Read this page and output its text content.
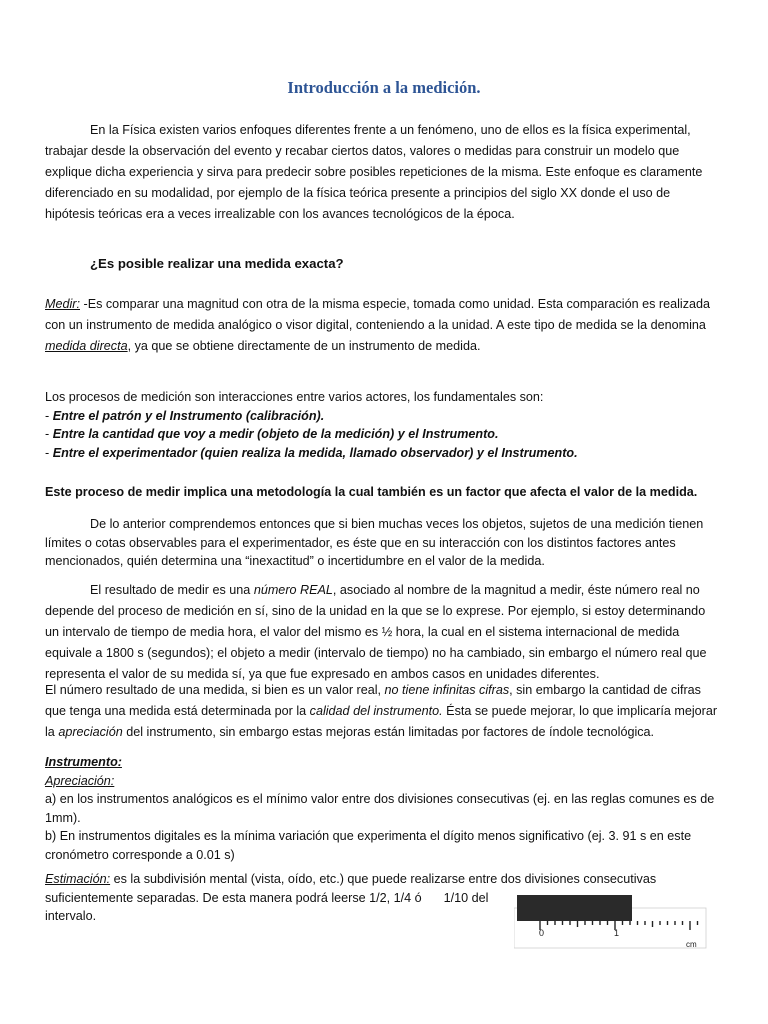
Introducción a la medición.
En la Física existen varios enfoques diferentes frente a un fenómeno, uno de ellos es la física experimental, trabajar desde la observación del evento y recabar ciertos datos, valores o medidas para construir un modelo que explique dicha experiencia y sirva para predecir sobre posibles repeticiones de la misma. Este enfoque es claramente diferenciado en su modalidad, por ejemplo de la física teórica presente a principios del siglo XX donde el uso de hipótesis teóricas era a veces irrealizable con los avances tecnológicos de la época.
¿Es posible realizar una medida exacta?
Medir: -Es comparar una magnitud con otra de la misma especie, tomada como unidad. Esta comparación es realizada con un instrumento de medida analógico o visor digital, conteniendo a la unidad. A este tipo de medida se la denomina medida directa, ya que se obtiene directamente de un instrumento de medida.
Los procesos de medición son interacciones entre varios actores, los fundamentales son:
- Entre el patrón y el Instrumento (calibración).
- Entre la cantidad que voy a medir (objeto de la medición) y el Instrumento.
- Entre el experimentador (quien realiza la medida, llamado observador) y el Instrumento.
Este proceso de medir implica una metodología la cual también es un factor que afecta el valor de la medida.
De lo anterior comprendemos entonces que si bien muchas veces los objetos, sujetos de una medición tienen límites o cotas observables para el experimentador, es éste que en su interacción con los distintos factores antes mencionados, quién determina una “inexactitud” o incertidumbre en el valor de la medida.
El resultado de medir es una número REAL, asociado al nombre de la magnitud a medir, éste número real no depende del proceso de medición en sí, sino de la unidad en la que se lo exprese. Por ejemplo, si estoy determinando un intervalo de tiempo de media hora, el valor del mismo es ½ hora, la cual en el sistema internacional de medida equivale a 1800 s (segundos); el objeto a medir (intervalo de tiempo) no ha cambiado, sin embargo el número real que representa el valor de su medida sí, ya que fue expresado en ambos casos en unidades diferentes.
El número resultado de una medida, si bien es un valor real, no tiene infinitas cifras, sin embargo la cantidad de cifras que tenga una medida está determinada por la calidad del instrumento. Ésta se puede mejorar, lo que implicaría mejorar la apreciación del instrumento, sin embargo estas mejoras están limitadas por factores de índole tecnológica.
Instrumento:
Apreciación:
a) en los instrumentos analógicos es el mínimo valor entre dos divisiones consecutivas (ej. en las reglas comunes es de 1mm).
b) En instrumentos digitales es la mínima variación que experimenta el dígito menos significativo (ej. 3. 91 s en este cronómetro corresponde a 0.01 s)
Estimación: es la subdivisión mental (vista, oído, etc.) que puede realizarse entre dos divisiones consecutivas
suficientemente separadas. De esta manera podrá leerse 1/2, 1/4 ó 1/10 del
intervalo.
0	1
cm
